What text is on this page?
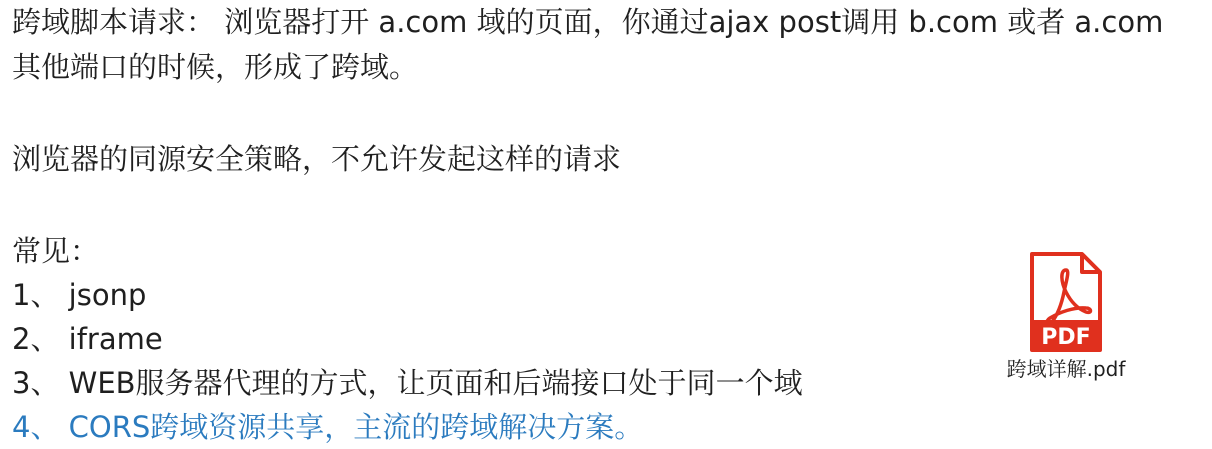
跨域脚本请求： 浏览器打开 a.com 域的页面，你通过ajax post调用 b.com 或者 a.com
其他端口的时候，形成了跨域。
浏览器的同源安全策略，不允许发起这样的请求
常见：
1、 jsonp
2、 iframe
3、 WEB服务器代理的方式，让页面和后端接口处于同一个域
4、 CORS跨域资源共享，主流的跨域解决方案。
PDF
跨域详解.pdf
